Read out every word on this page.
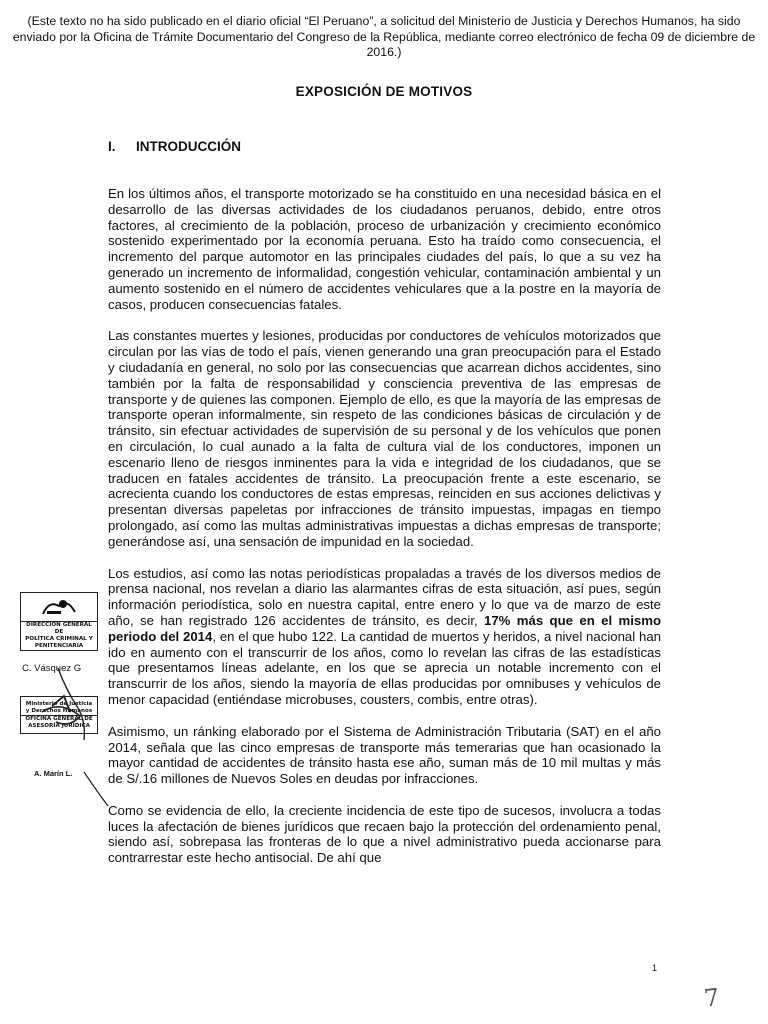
(Este texto no ha sido publicado en el diario oficial “El Peruano”, a solicitud del Ministerio de Justicia y Derechos Humanos, ha sido enviado por la Oficina de Trámite Documentario del Congreso de la República, mediante correo electrónico de fecha 09 de diciembre de 2016.)
EXPOSICIÓN DE MOTIVOS
I. INTRODUCCIÓN

En los últimos años, el transporte motorizado se ha constituido en una necesidad básica en el desarrollo de las diversas actividades de los ciudadanos peruanos, debido, entre otros factores, al crecimiento de la población, proceso de urbanización y crecimiento económico sostenido experimentado por la economía peruana. Esto ha traído como consecuencia, el incremento del parque automotor en las principales ciudades del país, lo que a su vez ha generado un incremento de informalidad, congestión vehicular, contaminación ambiental y un aumento sostenido en el número de accidentes vehiculares que a la postre en la mayoría de casos, producen consecuencias fatales.

Las constantes muertes y lesiones, producidas por conductores de vehículos motorizados que circulan por las vías de todo el país, vienen generando una gran preocupación para el Estado y ciudadanía en general, no solo por las consecuencias que acarrean dichos accidentes, sino también por la falta de responsabilidad y consciencia preventiva de las empresas de transporte y de quienes las componen. Ejemplo de ello, es que la mayoría de las empresas de transporte operan informalmente, sin respeto de las condiciones básicas de circulación y de tránsito, sin efectuar actividades de supervisión de su personal y de los vehículos que ponen en circulación, lo cual aunado a la falta de cultura vial de los conductores, imponen un escenario lleno de riesgos inminentes para la vida e integridad de los ciudadanos, que se traducen en fatales accidentes de tránsito. La preocupación frente a este escenario, se acrecienta cuando los conductores de estas empresas, reinciden en sus acciones delictivas y presentan diversas papeletas por infracciones de tránsito impuestas, impagas en tiempo prolongado, así como las multas administrativas impuestas a dichas empresas de transporte; generándose así, una sensación de impunidad en la sociedad.

Los estudios, así como las notas periodísticas propaladas a través de los diversos medios de prensa nacional, nos revelan a diario las alarmantes cifras de esta situación, así pues, según información periodística, solo en nuestra capital, entre enero y lo que va de marzo de este año, se han registrado 126 accidentes de tránsito, es decir, 17% más que en el mismo periodo del 2014, en el que hubo 122. La cantidad de muertos y heridos, a nivel nacional han ido en aumento con el transcurrir de los años, como lo revelan las cifras de las estadísticas que presentamos líneas adelante, en los que se aprecia un notable incremento con el transcurrir de los años, siendo la mayoría de ellas producidas por omnibuses y vehículos de menor capacidad (entiéndase microbuses, cousters, combis, entre otras).

Asimismo, un ránking elaborado por el Sistema de Administración Tributaria (SAT) en el año 2014, señala que las cinco empresas de transporte más temerarias que han ocasionado la mayor cantidad de accidentes de tránsito hasta ese año, suman más de 10 mil multas y más de S/.16 millones de Nuevos Soles en deudas por infracciones.

Como se evidencia de ello, la creciente incidencia de este tipo de sucesos, involucra a todas luces la afectación de bienes jurídicos que recaen bajo la protección del ordenamiento penal, siendo así, sobrepasa las fronteras de lo que a nivel administrativo pueda accionarse para contrarrestar este hecho antisocial. De ahí que

DIRECCIÓN GENERAL DE
POLÍTICA CRIMINAL Y
PENITENCIARIA
C. Vásquez G
Ministerio de Justicia
y Derechos Humanos
OFICINA GENERAL DE
ASESORÍA JURÍDICA
A. Marín L.
1
7
